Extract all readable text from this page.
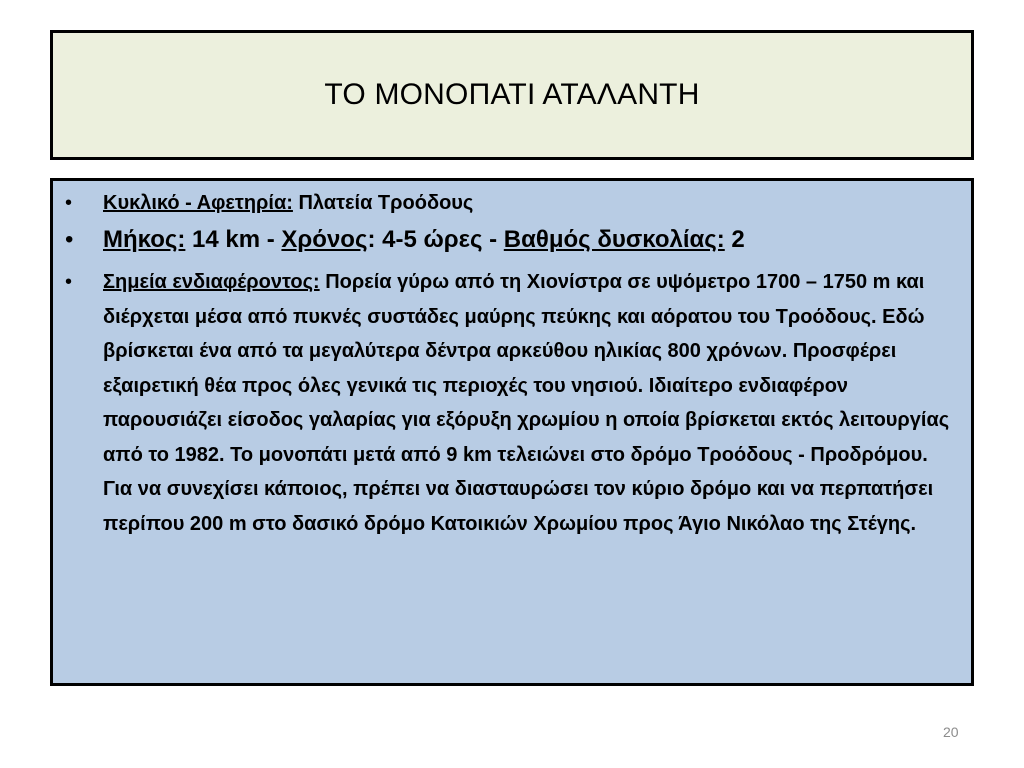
ΤΟ ΜΟΝΟΠΑΤΙ ΑΤΑΛΑΝΤΗ
• Κυκλικό - Αφετηρία: Πλατεία Τροόδους
• Μήκος: 14 km - Χρόνος: 4-5 ώρες - Βαθμός δυσκολίας: 2
• Σημεία ενδιαφέροντος: Πορεία γύρω από τη Χιονίστρα σε υψόμετρο 1700 – 1750 m και διέρχεται μέσα από πυκνές συστάδες μαύρης πεύκης και αόρατου του Τροόδους. Εδώ βρίσκεται ένα από τα μεγαλύτερα δέντρα αρκεύθου ηλικίας 800 χρόνων. Προσφέρει εξαιρετική θέα προς όλες γενικά τις περιοχές του νησιού. Ιδιαίτερο ενδιαφέρον παρουσιάζει είσοδος γαλαρίας για εξόρυξη χρωμίου η οποία βρίσκεται εκτός λειτουργίας από το 1982. Το μονοπάτι μετά από 9 km τελειώνει στο δρόμο Τροόδους - Προδρόμου. Για να συνεχίσει κάποιος, πρέπει να διασταυρώσει τον κύριο δρόμο και να περπατήσει περίπου 200 m στο δασικό δρόμο Κατοικιών Χρωμίου προς Άγιο Νικόλαο της Στέγης.
20
